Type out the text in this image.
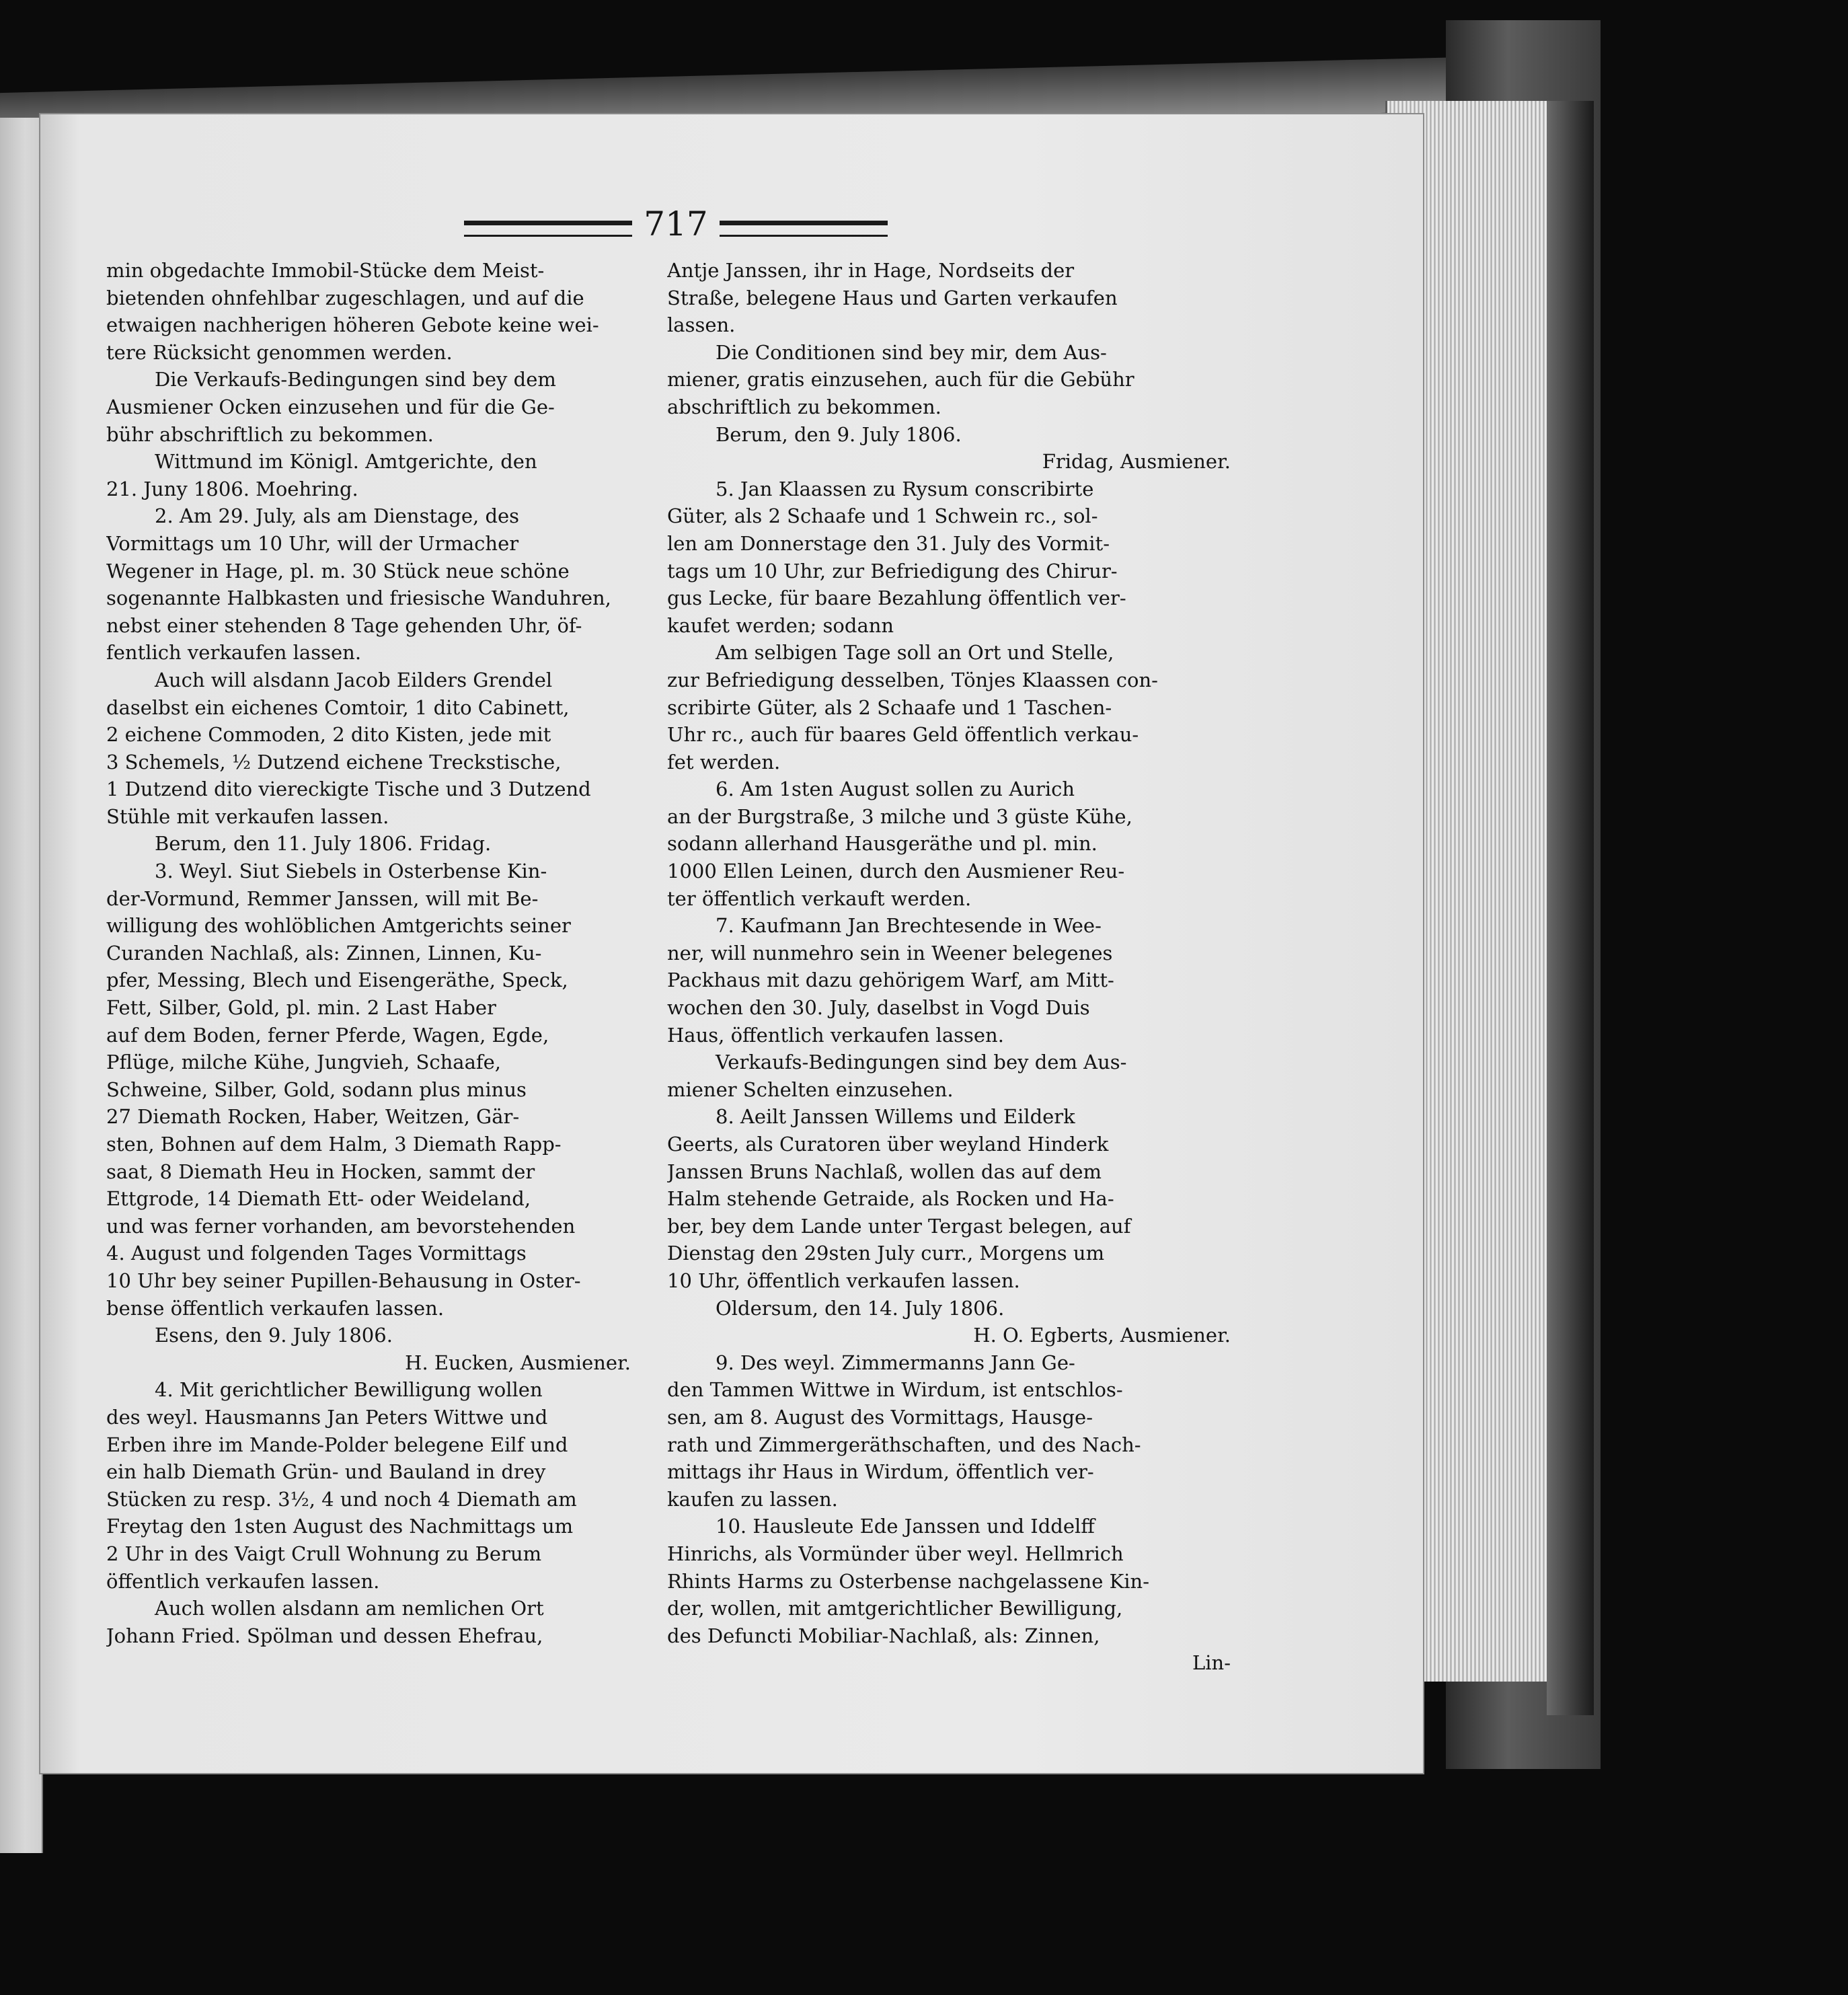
717

min obgedachte Immobil-Stücke dem Meist-

bietenden ohnfehlbar zugeschlagen, und auf die

etwaigen nachherigen höheren Gebote keine wei-

tere Rücksicht genommen werden.

Die Verkaufs-Bedingungen sind bey dem

Ausmiener Ocken einzusehen und für die Ge-

bühr abschriftlich zu bekommen.

Wittmund im Königl. Amtgerichte, den

21. Juny 1806. Moehring.

2. Am 29. July, als am Dienstage, des

Vormittags um 10 Uhr, will der Urmacher

Wegener in Hage, pl. m. 30 Stück neue schöne

sogenannte Halbkasten und friesische Wanduhren,

nebst einer stehenden 8 Tage gehenden Uhr, öf-

fentlich verkaufen lassen.

Auch will alsdann Jacob Eilders Grendel

daselbst ein eichenes Comtoir, 1 dito Cabinett,

2 eichene Commoden, 2 dito Kisten, jede mit

3 Schemels, ½ Dutzend eichene Treckstische,

1 Dutzend dito viereckigte Tische und 3 Dutzend

Stühle mit verkaufen lassen.

Berum, den 11. July 1806. Fridag.

3. Weyl. Siut Siebels in Osterbense Kin-

der-Vormund, Remmer Janssen, will mit Be-

willigung des wohlöblichen Amtgerichts seiner

Curanden Nachlaß, als: Zinnen, Linnen, Ku-

pfer, Messing, Blech und Eisengeräthe, Speck,

Fett, Silber, Gold, pl. min. 2 Last Haber

auf dem Boden, ferner Pferde, Wagen, Egde,

Pflüge, milche Kühe, Jungvieh, Schaafe,

Schweine, Silber, Gold, sodann plus minus

27 Diemath Rocken, Haber, Weitzen, Gär-

sten, Bohnen auf dem Halm, 3 Diemath Rapp-

saat, 8 Diemath Heu in Hocken, sammt der

Ettgrode, 14 Diemath Ett- oder Weideland,

und was ferner vorhanden, am bevorstehenden

4. August und folgenden Tages Vormittags

10 Uhr bey seiner Pupillen-Behausung in Oster-

bense öffentlich verkaufen lassen.

Esens, den 9. July 1806.

H. Eucken, Ausmiener.

4. Mit gerichtlicher Bewilligung wollen

des weyl. Hausmanns Jan Peters Wittwe und

Erben ihre im Mande-Polder belegene Eilf und

ein halb Diemath Grün- und Bauland in drey

Stücken zu resp. 3½, 4 und noch 4 Diemath am

Freytag den 1sten August des Nachmittags um

2 Uhr in des Vaigt Crull Wohnung zu Berum

öffentlich verkaufen lassen.

Auch wollen alsdann am nemlichen Ort

Johann Fried. Spölman und dessen Ehefrau,

Antje Janssen, ihr in Hage, Nordseits der

Straße, belegene Haus und Garten verkaufen

lassen.

Die Conditionen sind bey mir, dem Aus-

miener, gratis einzusehen, auch für die Gebühr

abschriftlich zu bekommen.

Berum, den 9. July 1806.

Fridag, Ausmiener.

5. Jan Klaassen zu Rysum conscribirte

Güter, als 2 Schaafe und 1 Schwein rc., sol-

len am Donnerstage den 31. July des Vormit-

tags um 10 Uhr, zur Befriedigung des Chirur-

gus Lecke, für baare Bezahlung öffentlich ver-

kaufet werden; sodann

Am selbigen Tage soll an Ort und Stelle,

zur Befriedigung desselben, Tönjes Klaassen con-

scribirte Güter, als 2 Schaafe und 1 Taschen-

Uhr rc., auch für baares Geld öffentlich verkau-

fet werden.

6. Am 1sten August sollen zu Aurich

an der Burgstraße, 3 milche und 3 güste Kühe,

sodann allerhand Hausgeräthe und pl. min.

1000 Ellen Leinen, durch den Ausmiener Reu-

ter öffentlich verkauft werden.

7. Kaufmann Jan Brechtesende in Wee-

ner, will nunmehro sein in Weener belegenes

Packhaus mit dazu gehörigem Warf, am Mitt-

wochen den 30. July, daselbst in Vogd Duis

Haus, öffentlich verkaufen lassen.

Verkaufs-Bedingungen sind bey dem Aus-

miener Schelten einzusehen.

8. Aeilt Janssen Willems und Eilderk

Geerts, als Curatoren über weyland Hinderk

Janssen Bruns Nachlaß, wollen das auf dem

Halm stehende Getraide, als Rocken und Ha-

ber, bey dem Lande unter Tergast belegen, auf

Dienstag den 29sten July curr., Morgens um

10 Uhr, öffentlich verkaufen lassen.

Oldersum, den 14. July 1806.

H. O. Egberts, Ausmiener.

9. Des weyl. Zimmermanns Jann Ge-

den Tammen Wittwe in Wirdum, ist entschlos-

sen, am 8. August des Vormittags, Hausge-

rath und Zimmergeräthschaften, und des Nach-

mittags ihr Haus in Wirdum, öffentlich ver-

kaufen zu lassen.

10. Hausleute Ede Janssen und Iddelff

Hinrichs, als Vormünder über weyl. Hellmrich

Rhints Harms zu Osterbense nachgelassene Kin-

der, wollen, mit amtgerichtlicher Bewilligung,

des Defuncti Mobiliar-Nachlaß, als: Zinnen,

Lin-
